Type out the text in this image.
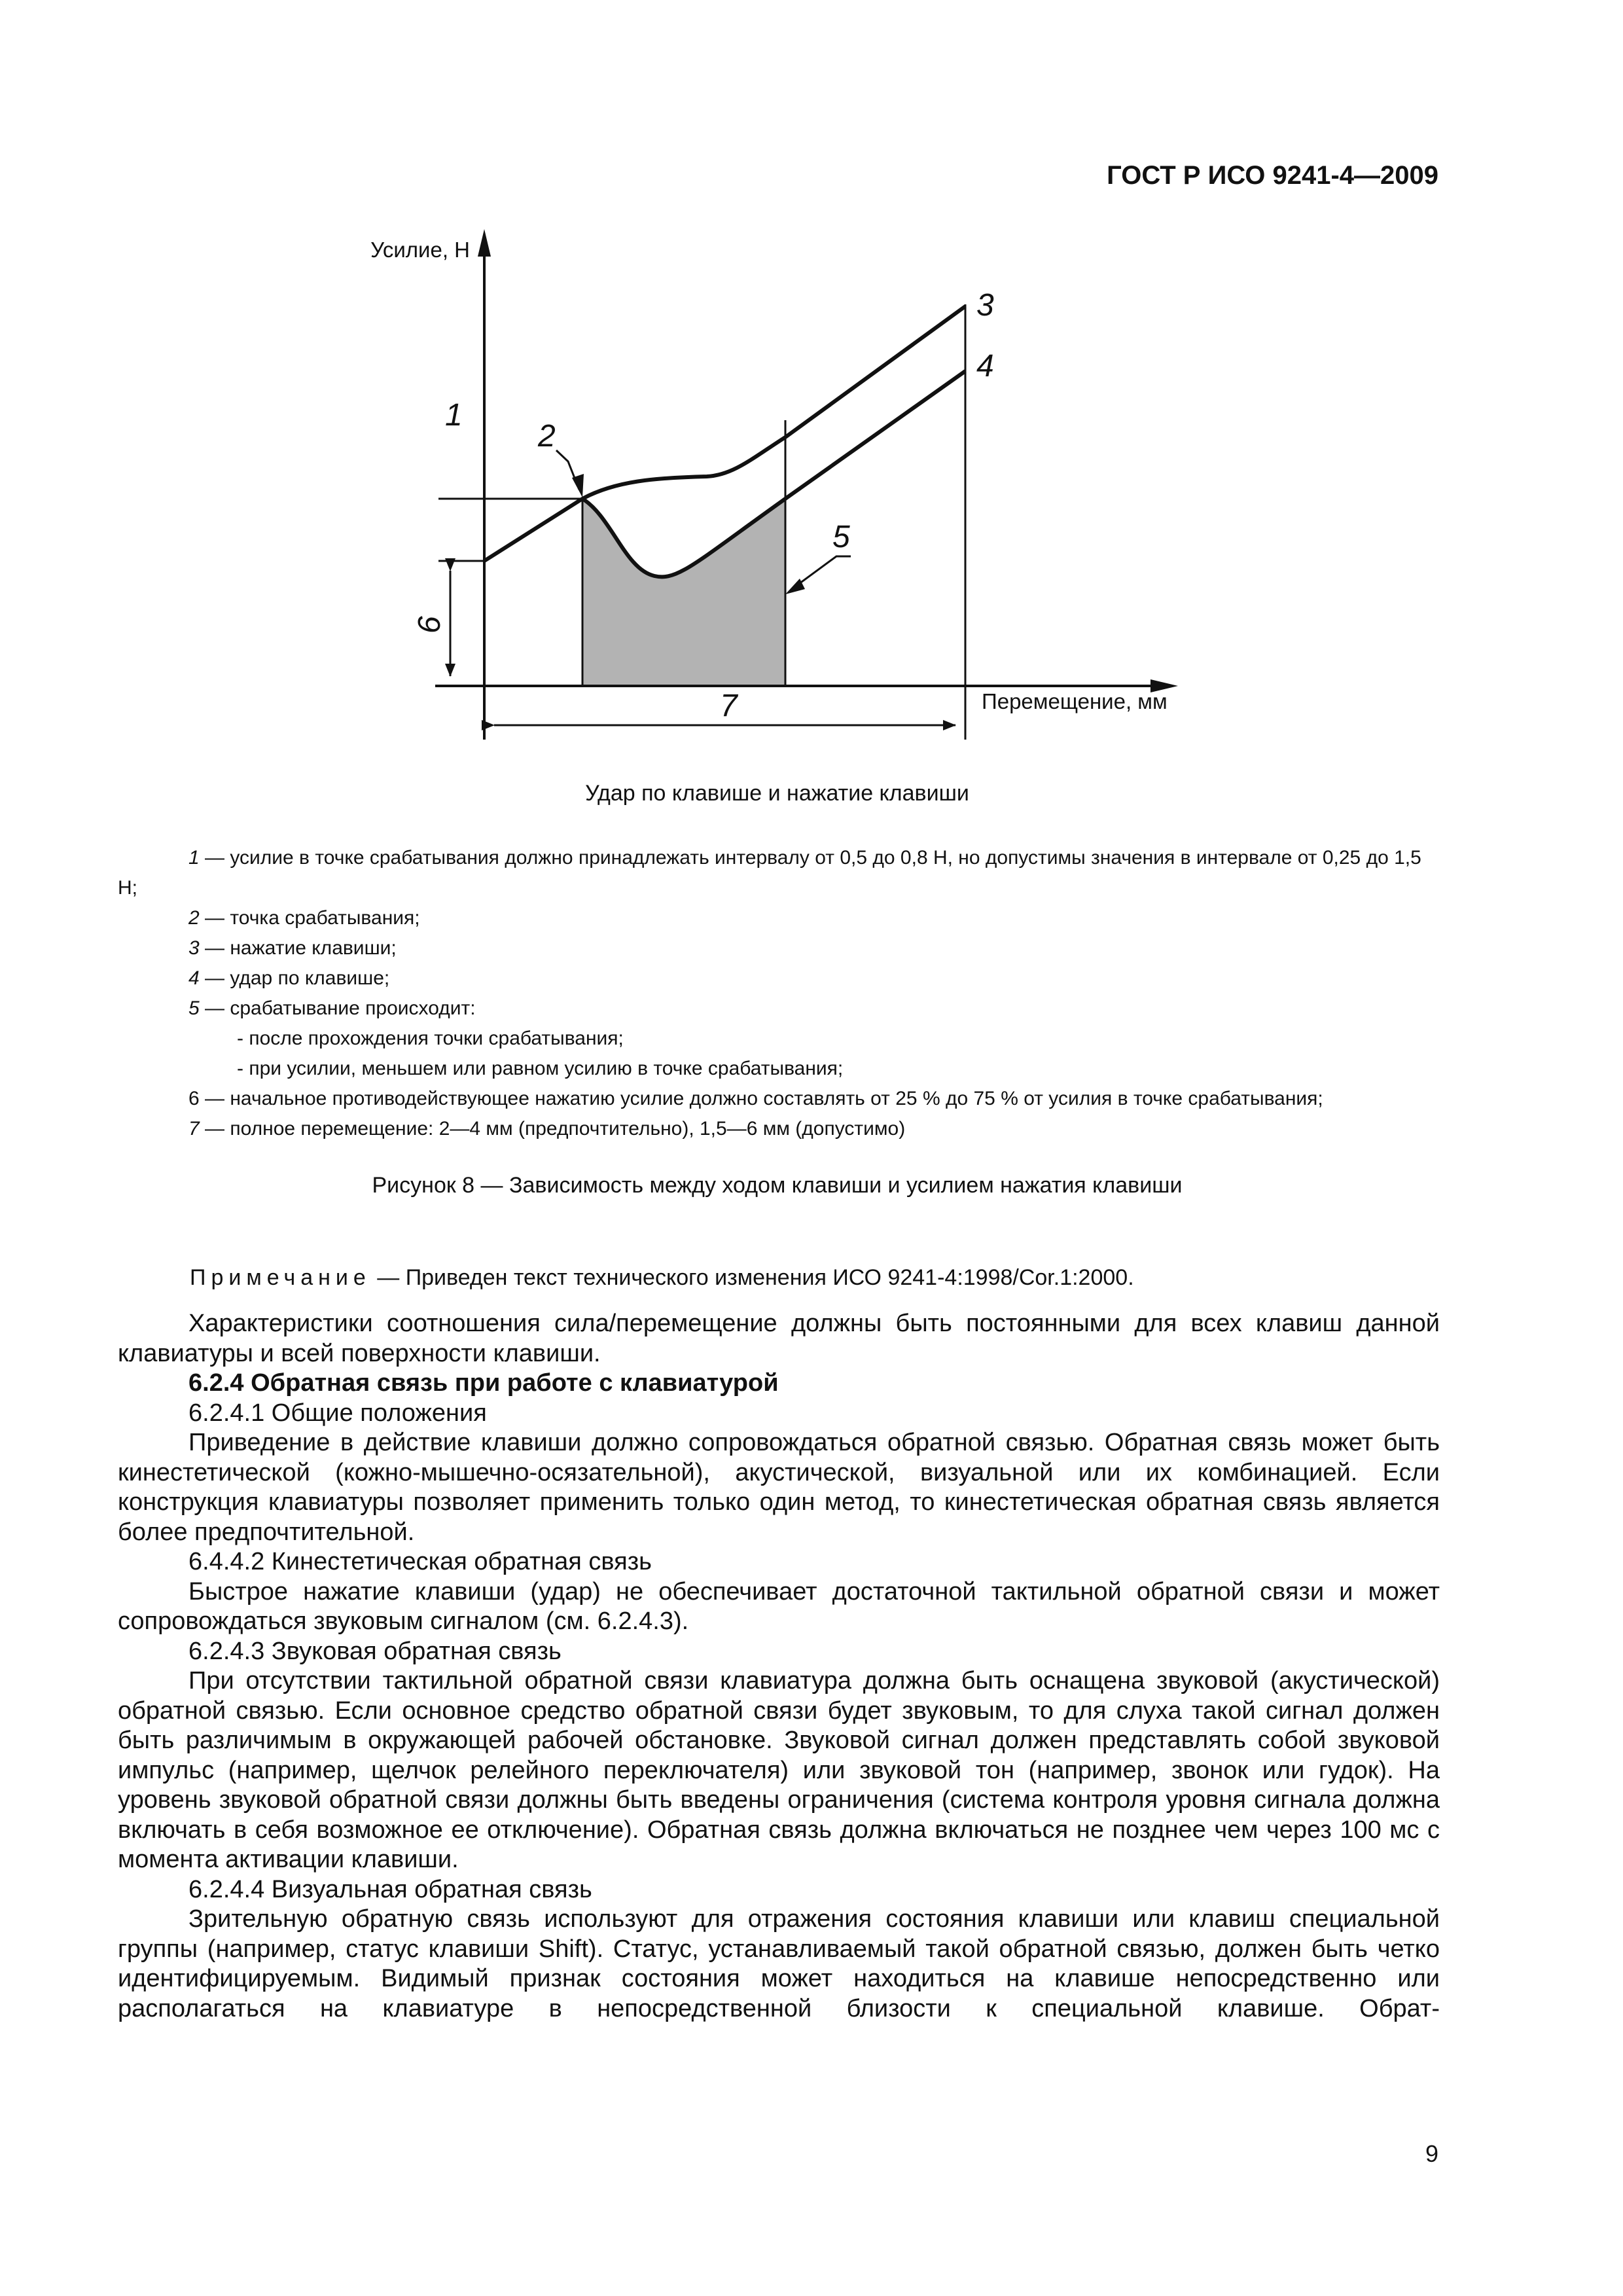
ГОСТ Р ИСО 9241-4—2009
Усилие, Н
Перемещение, мм
1
2
3
4
5
6
7
Удар по клавише и нажатие клавиши
1 — усилие в точке срабатывания должно принадлежать интервалу от 0,5 до 0,8 Н, но допустимы значения в интервале от 0,25 до 1,5 Н;
2 — точка срабатывания;
3 — нажатие клавиши;
4 — удар по клавише;
5 — срабатывание происходит:
- после прохождения точки срабатывания;
- при усилии, меньшем или равном усилию в точке срабатывания;
6 — начальное противодействующее нажатию усилие должно составлять от 25 % до 75 % от усилия в точке срабатывания;
7 — полное перемещение: 2—4 мм (предпочтительно), 1,5—6 мм (допустимо)
Рисунок 8 — Зависимость между ходом клавиши и усилием нажатия клавиши
Примечание — Приведен текст технического изменения ИСО 9241-4:1998/Cor.1:2000.

Характеристики соотношения сила/перемещение должны быть постоянными для всех клавиш данной клавиатуры и всей поверхности клавиши.

6.2.4 Обратная связь при работе с клавиатурой
6.2.4.1 Общие положения

Приведение в действие клавиши должно сопровождаться обратной связью. Обратная связь может быть кинестетической (кожно-мышечно-осязательной), акустической, визуальной или их комбинацией. Если конструкция клавиатуры позволяет применить только один метод, то кинестетическая обратная связь является более предпочтительной.

6.4.4.2 Кинестетическая обратная связь

Быстрое нажатие клавиши (удар) не обеспечивает достаточной тактильной обратной связи и может сопровождаться звуковым сигналом (см. 6.2.4.3).

6.2.4.3 Звуковая обратная связь

При отсутствии тактильной обратной связи клавиатура должна быть оснащена звуковой (акустической) обратной связью. Если основное средство обратной связи будет звуковым, то для слуха такой сигнал должен быть различимым в окружающей рабочей обстановке. Звуковой сигнал должен представлять собой звуковой импульс (например, щелчок релейного переключателя) или звуковой тон (например, звонок или гудок). На уровень звуковой обратной связи должны быть введены ограничения (система контроля уровня сигнала должна включать в себя возможное ее отключение). Обратная связь должна включаться не позднее чем через 100 мс с момента активации клавиши.

6.2.4.4 Визуальная обратная связь

Зрительную обратную связь используют для отражения состояния клавиши или клавиш специальной группы (например, статус клавиши Shift). Статус, устанавливаемый такой обратной связью, должен быть четко идентифицируемым. Видимый признак состояния может находиться на клавише непосредственно или располагаться на клавиатуре в непосредственной близости к специальной клавише. Обрат-

9
